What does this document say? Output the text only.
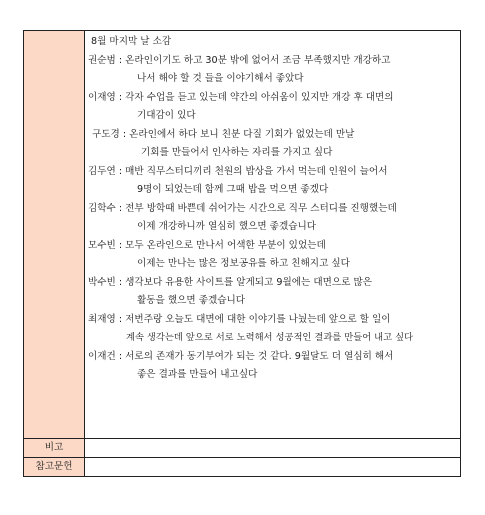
8월 마지막 날 소감
권순범 : 온라인이기도 하고 30분 밖에 없어서 조금 부족했지만 개강하고
나서 해야 할 것 들을 이야기해서 좋았다
이재영 : 각자 수업을 듣고 있는데 약간의 아쉬움이 있지만 개강 후 대면의
기대감이 있다
구도경 : 온라인에서 하다 보니 친분 다질 기회가 없었는데 만날
기회를 만들어서 인사하는 자리를 가지고 싶다
김두연 : 매반 직무스터디끼리 천원의 밥상을 가서 먹는데 인원이 늘어서
9명이 되었는데 함께 그때 밥을 먹으면 좋겠다
김학수 : 전부 방학때 바쁜데 쉬어가는 시간으로 직무 스터디를 진행했는데
이제 개강하니까 열심히 했으면 좋겠습니다
모수빈 : 모두 온라인으로 만나서 어색한 부분이 있었는데
이제는 만나는 많은 정보공유를 하고 친해지고 싶다
박수빈 : 생각보다 유용한 사이트를 알게되고 9월에는 대면으로 많은
활동을 했으면 좋겠습니다
최재영 : 저번주랑 오늘도 대면에 대한 이야기를 나눴는데 앞으로 할 일이
계속 생각는데 앞으로 서로 노력해서 성공적인 결과를 만들어 내고 싶다
이재건 : 서로의 존재가 동기부여가 되는 것 같다. 9월달도 더 열심히 해서
좋은 결과를 만들어 내고싶다
비고
참고문헌
